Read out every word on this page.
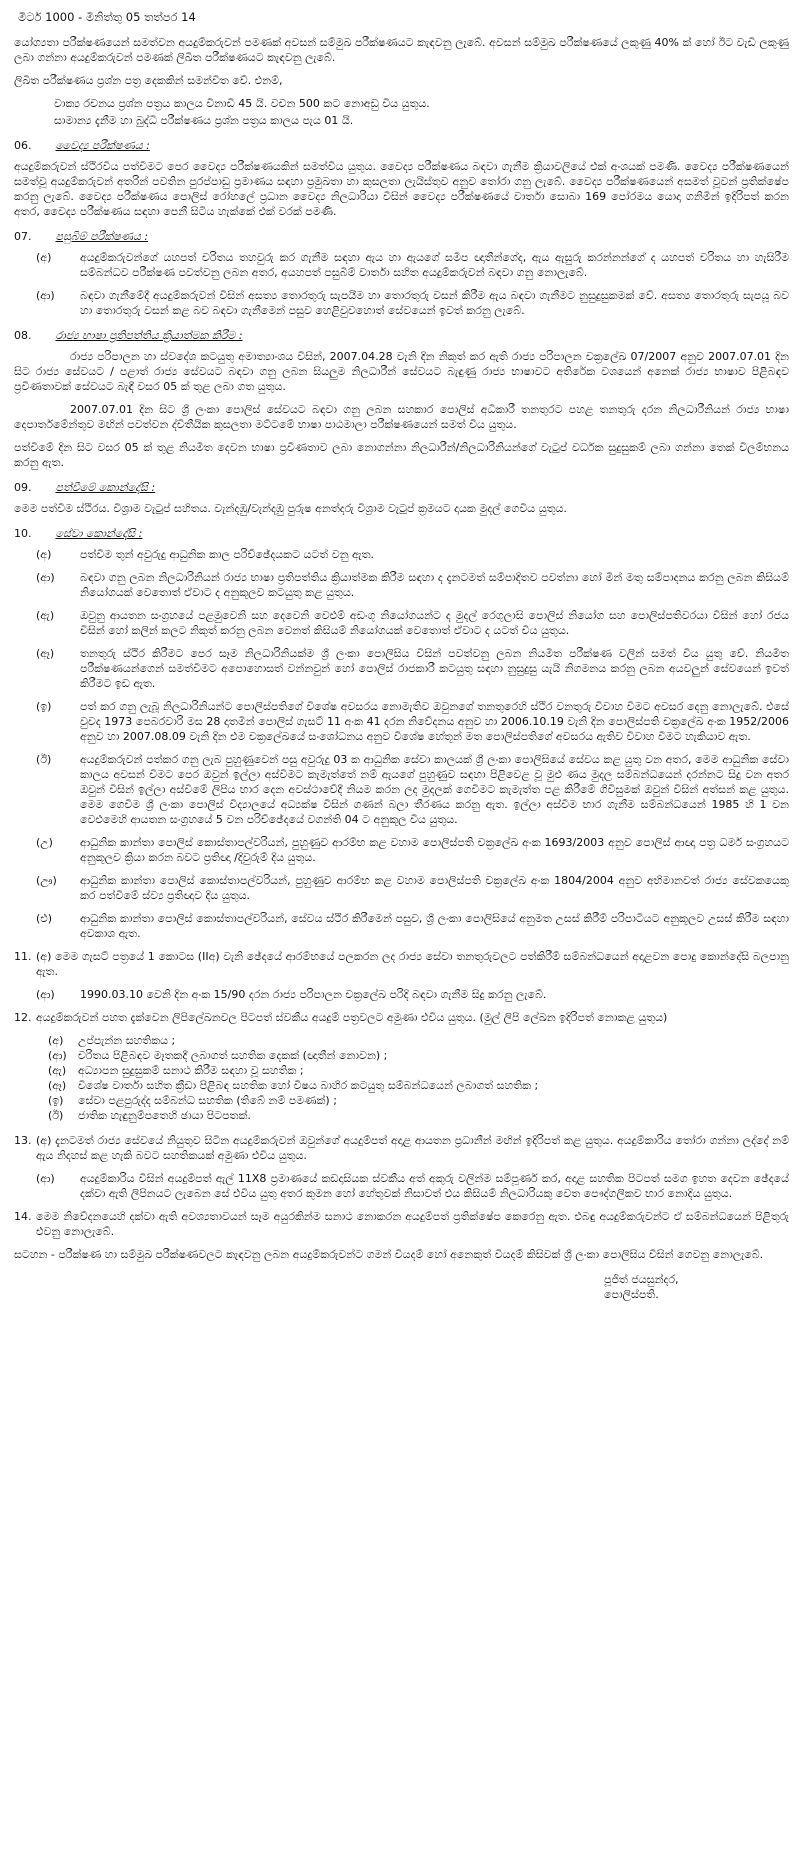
මීටර් 1000 - මිනිත්තු 05 තත්පර 14

යෝග්‍යතා පරීක්ෂණයෙන් සමත්වන අයදුම්කරුවන් පමණක් අවසන් සම්මුඛ පරීක්ෂණයට කැඳවනු ලැබේ. අවසන් සම්මුඛ පරීක්ෂණයේ ලකුණු 40% ක් හෝ ඊට වැඩි ලකුණු ලබා ගන්නා අයදුම්කරුවන් පමණක් ලිඛිත පරීක්ෂණයට කැඳවනු ලැබේ.

ලිඛිත පරීක්ෂණය ප්‍රශ්න පත්‍ර දෙකකින් සමන්විත වේ. එනම්,

වාක්‍ය රචනය ප්‍රශ්න පත්‍රය කාලය විනාඩි 45 යි. වචන 500 කට නොඅඩු විය යුතුය.

සාමාන්‍ය දැනීම හා බුද්ධි පරීක්ෂණය ප්‍රශ්න පත්‍රය කාලය පැය 01 යි.

06. වෛද්‍ය පරීක්ෂණය :

අයදුම්කරුවන් ස්ථිරවීය පත්වීමට පෙර වෛද්‍ය පරීක්ෂණයකින් සමත්විය යුතුය. වෛද්‍ය පරීක්ෂණය බඳවා ගැනීම ක්‍රියාවලියේ එක් අංශයක් පමණි. වෛද්‍ය පරීක්ෂණයෙන් සමත්වූ අයදුම්කරුවන් අතරින් පවතින පුරප්පාඩු ප්‍රමාණය සඳහා ප්‍රමුඛතා හා කුසලතා ලැයිස්තුව අනුව තෝරා ගනු ලැබේ. වෛද්‍ය පරීක්ෂණයෙන් අසමත් වූවන් ප්‍රතික්ෂේප කරනු ලැබේ. වෛද්‍ය පරීක්ෂණය පොලිස් රෝහලේ ප්‍රධාන වෛද්‍ය නිලධාරියා විසින් වෛද්‍ය පරීක්ෂණයේ වාර්තා සොබා 169 පෝරමය යොදා ගනිමින් ඉදිරිපත් කරන අතර, වෛද්‍ය පරීක්ෂණය සඳහා පෙනී සිටිය හැක්කේ එක් වරක් පමණි.

07. පසුබිම් පරීක්ෂණය :
(අ)	අයදුම්කරුවන්ගේ යහපත් චරිතය තහවුරු කර ගැනීම සඳහා ඇය හා ඇයගේ සමීප ඥාතීන්ගේද, ඇය ඇසුරු කරන්නන්ගේ ද යහපත් චරිතය හා හැසිරීම සම්බන්ධව පරීක්ෂණ පවත්වනු ලබන අතර, අයහපත් පසුබිම් වාර්තා සහිත අයදුම්කරුවන් බඳවා ගනු නොලැබේ.
(ආ)	බඳවා ගැනීමේදී අයදුම්කරුවන් විසින් අසත්‍ය තොරතුරු සැපයීම හා තොරතුරු වසන් කිරීම ඇය බඳවා ගැනීමට නුසුදුසුකමක් වේ. අසත්‍ය තොරතුරු සැපයූ බව හා තොරතුරු වසන් කළ බව බඳවා ගැනීමෙන් පසුව හෙළිවුවහොත් සේවයෙන් ඉවත් කරනු ලැබේ.
08. රාජ්‍ය භාෂා ප්‍රතිපත්තිය ක්‍රියාත්මක කිරීම :

රාජ්‍ය පරිපාලන හා ස්වදේශ කටයුතු අමාත්‍යාංශය විසින්, 2007.04.28 වැනි දින නිකුත් කර ඇති රාජ්‍ය පරිපාලන චක්‍රලේඛ 07/2007 අනුව 2007.07.01 දින සිට රාජ්‍ය සේවයට / පළාත් රාජ්‍ය සේවයට බඳවා ගනු ලබන සියලුම නිලධාරීන් සේවයට බැඳුණු රාජ්‍ය භාෂාවට අතිරේක වශයෙන් අනෙක් රාජ්‍ය භාෂාව පිළිබඳව ප්‍රවීණතාවක් සේවයට බැඳී වසර 05 ක් තුළ ලබා ගත යුතුය.

2007.07.01 දින සිට ශ්‍රී ලංකා පොලිස් සේවයට බඳවා ගනු ලබන සහකාර පොලිස් අධිකාරී තනතුරට පහළ තනතුරු දරන නිලධාරීනියන් රාජ්‍ය භාෂා දෙපාර්තමේන්තුව මඟින් පවත්වන ද්විතීයික කුසලතා මට්ටමේ භාෂා පාඨමාලා පරීක්ෂණයෙන් සමත් විය යුතුය.

පත්වීමේ දින සිට වසර 05 ක් තුළ නියමිත දෙවන භාෂා ප්‍රවීණතාව ලබා නොගන්නා නිලධාරීන්/නිලධාරිනියන්ගේ වැටුප් වර්ධක සුදුසුකම් ලබා ගන්නා තෙක් විලම්භනය කරනු ඇත.

09. පත්වීමේ කොන්දේසි :

මෙම පත්වීම ස්ථිරය. විශ්‍රාම වැටුප් සහිතය. වැන්දඹු/වැන්දඹු පුරුෂ අනත්දරු විශ්‍රාම වැටුප් ක්‍රමයට දායක මුදල් ගෙවිය යුතුය.

10. සේවා කොන්දේසි :
(අ)	පත්වීම තුන් අවුරුදු ආධුනික කාල පරිච්ඡේදයකට යටත් වනු ඇත.
(ආ)	බඳවා ගනු ලබන නිලධාරිනියන් රාජ්‍ය භාෂා ප්‍රතිපත්තිය ක්‍රියාත්මක කිරීම සඳහා ද දැනටමත් සම්පාදිතව පවත්නා හෝ මින් මතු සම්පාදනය කරනු ලබන කිසියම් නියෝගයක් වෙතොත් ඒවාට ද අනුකූලව කටයුතු කළ යුතුය.
(ඇ)	ඔවුනු ආයතන සංග්‍රහයේ පළමුවෙනි සහ දෙවෙනි වෙළුම් අඩංගු නියෝගයන්ට ද මුදල් රෙගුලාසි පොලිස් නියෝග සහ පොලිස්පතිවරයා විසින් හෝ රජය විසින් හෝ කලින් කලට නිකුත් කරනු ලබන වෙනත් කිසියම් නියෝගයක් වෙතොත් ඒවාට ද යටත් විය යුතුය.
(ඈ)	තනතුරු ස්ථිර කිරීමට පෙර සෑම නිලධාරිනියක්ම ශ්‍රී ලංකා පොලිසිය විසින් පවත්වනු ලබන නියමිත පරීක්ෂණ වලින් සමත් විය යුතු වේ. නියමිත පරීක්ෂණයන්ගෙන් සමත්වීමට අපොහොසත් වන්නවුන් හෝ පොලිස් රාජකාරී කටයුතු සඳහා නුසුදුසු යැයි නිගමනය කරනු ලබන අයවලුන් සේවයෙන් ඉවත් කිරීමට ඉඩ ඇත.
(ඉ)	පත් කර ගනු ලැබූ නිලධාරිනියන්ට පොලිස්පතිගේ විශේෂ අවසරය නොමැතිව ඔවුනගේ තනතුරෙහි ස්ථිර වනතුරු විවාහ වීමට අවසර දෙනු නොලැබේ. එසේ වුවද 1973 පෙබරවාරි මස 28 දාතමින් පොලිස් ගැසට් 11 අංක 41 දරන නිවේදනය අනුව හා 2006.10.19 වැනි දින පොලිස්පති චක්‍රලේඛ අංක 1952/2006 අනුව හා 2007.08.09 වැනි දින එම චක්‍රලේඛයේ සංශෝධනය අනුව විශේෂ හේතූන් මත පොලිස්පතිගේ අවසරය ඇතිව විවාහ වීමට හැකියාව ඇත.
(ඊ)	අයදුම්කරුවන් පත්කර ගනු ලැබ පුහුණුවෙන් පසු අවුරුදු 03 ක ආධුනික සේවා කාලයක් ශ්‍රී ලංකා පොලිසියේ සේවය කළ යුතු වන අතර, මෙම ආධුනික සේවා කාලය අවසන් වීමට පෙර ඔවුන් ඉල්ලා අස්වීමට කැමැත්තේ නම් ඇයගේ පුහුණුව සඳහා පිළිවෙළ වූ මුළු ණය මුදල සම්බන්ධයෙන් දරන්නට සිදු වන අතර ඔවුන් විසින් ඉල්ලා අස්වීමේ ලිපිය භාර දෙන අවස්ථාවේදී නියම කරන ලද මුදලක් ගෙවීමට කැමැත්ත පළ කිරීමේ ගිවිසුමක් ඔවුන් විසින් අත්සන් කළ යුතුය. මෙම ගෙවීම ශ්‍රී ලංකා පොලිස් විද්‍යාලයේ අධ්‍යක්ෂ විසින් ගණන් බලා තීරණය කරනු ඇත. ඉල්ලා අස්වීම භාර ගැනීම සම්බන්ධයෙන් 1985 හි 1 වන වෙළුමෙහි ආයතන සංග්‍රහයේ 5 වන පරිච්ඡේදයේ වගන්ති 04 ට අනුකූල විය යුතුය.
(උ)	ආධුනික කාන්තා පොලිස් කොස්තාපල්වරියන්, පුහුණුව ආරම්භ කළ වහාම පොලිස්පති චක්‍රලේඛ අංක 1693/2003 අනුව පොලිස් ආඥා පත්‍ර ධර්ම සංග්‍රහයට අනුකූලව ක්‍රියා කරන බවට ප්‍රතිඥා /දිවුරුම් දිය යුතුය.
(ඌ)	ආධුනික කාන්තා පොලිස් කොස්තාපල්වරියන්, පුහුණුව ආරම්භ කළ වහාම පොලිස්පති චක්‍රලේඛ අංක 1804/2004 අනුව අභිමානවත් රාජ්‍ය සේවකයෙකු කර පත්වීමේ ස්ව්‍ය ප්‍රතිඥාව දිය යුතුය.
(එ)	ආධුනික කාන්තා පොලිස් කොස්තාපල්වරියන්, සේවය ස්ථිර කිරීමෙන් පසුව, ශ්‍රී ලංකා පොලිසියේ අනුමත උසස් කිරීම් පරිපාටියට අනුකූලව උසස් කිරීම සඳහා අවකාශ ඇත.
11. (අ) මෙම ගැසට් පත්‍රයේ 1 කොටස (IIඅ) වැනි ඡේදයේ ආරම්භයේ පලකරන ලද රාජ්‍ය සේවා තනතුරුවලට පත්කිරීම් සම්බන්ධයෙන් අදාළවන පොදු කොන්දේසි බලපානු ඇත.
(ආ)	1990.03.10 වෙනි දින අංක 15/90 දරන රාජ්‍ය පරිපාලන චක්‍රලේඛ පරිදි බඳවා ගැනීම සිදු කරනු ලැබේ.
12. අයදුම්කරුවන් පහත දැක්වෙන ලිපිලේඛනවල පිටපත් ස්වකීය අයදුම් පත්‍රවලට අමුණා එවිය යුතුය. (මුල් ලිපි ලේඛන ඉදිරිපත් නොකළ යුතුය)
(අ)	උප්පැන්න සහතිකය ;
(ආ)	චරිතය පිළිබඳව මෑතකදී ලබාගත් සහතික දෙකක් (ඥාතීන් නොවන) ;
(ඇ)	අධ්‍යාපන සුදුසුකම් සනාථ කිරීම සඳහා වූ සහතික ;
(ඈ)	විශේෂ වාර්තා සහිත ක්‍රීඩා පිළිබඳ සහතික හෝ විෂය බාහිර කටයුතු සම්බන්ධයෙන් ලබාගත් සහතික ;
(ඉ)	සේවා පළපුරුද්ද සම්බන්ධ සහතික (තිබේ නම් පමණක්) ;
(ඊ)	ජාතික හැඳුනුම්පතෙහි ඡායා පිටපතක්.
13. (අ) දැනටමත් රාජ්‍ය සේවයේ නියුතුව සිටින අයදුම්කරුවන් ඔවුන්ගේ අයදුම්පත් අදාළ ආයතන ප්‍රධානීන් මඟින් ඉදිරිපත් කළ යුතුය. අයදුම්කාරිය තෝරා ගන්නා ලද්දේ නම් ඇය නිදහස් කළ හැකි බවට සහතිකයක් අමුණා එවිය යුතුය.
(ආ)	අයදුම්කාරිය විසින් අයදුම්පත් ඇල් 11X8 ප්‍රමාණයේ කඩදාසියක ස්වකීය අත් අකුරු වලින්ම සම්පූර්ණ කර, අදාළ සහතික පිටපත් සමග ඉහත දෙවන ඡේදයේ දක්වා ඇති ලිපිනයට ලැබෙන සේ එවිය යුතු අතර කුමන හෝ හේතුවක් නිසාවත් එය කිසියම් නිලධාරියකු වෙත පෞද්ගලිකව භාර නොදිය යුතුය.
14. මෙම නිවේදනයෙහි දක්වා ඇති අවශ්‍යතාවයන් සෑම අයුරකින්ම සනාථ නොකරන අයදුම්පත් ප්‍රතික්ෂේප කෙරෙනු ඇත. එබඳු අයදුම්කරුවන්ට ඒ සම්බන්ධයෙන් පිළිතුරු එවනු නොලැබේ.

සටහන - පරීක්ෂණ හා සම්මුඛ පරීක්ෂණවලට කැඳවනු ලබන අයදුම්කරුවන්ට ගමන් වියදම් හෝ අනෙකුත් වියදම් කිසිවක් ශ්‍රී ලංකා පොලිසිය විසින් ගෙවනු නොලැබේ.

පූජිත් ජයසුන්දර,
පොලිස්පති.
